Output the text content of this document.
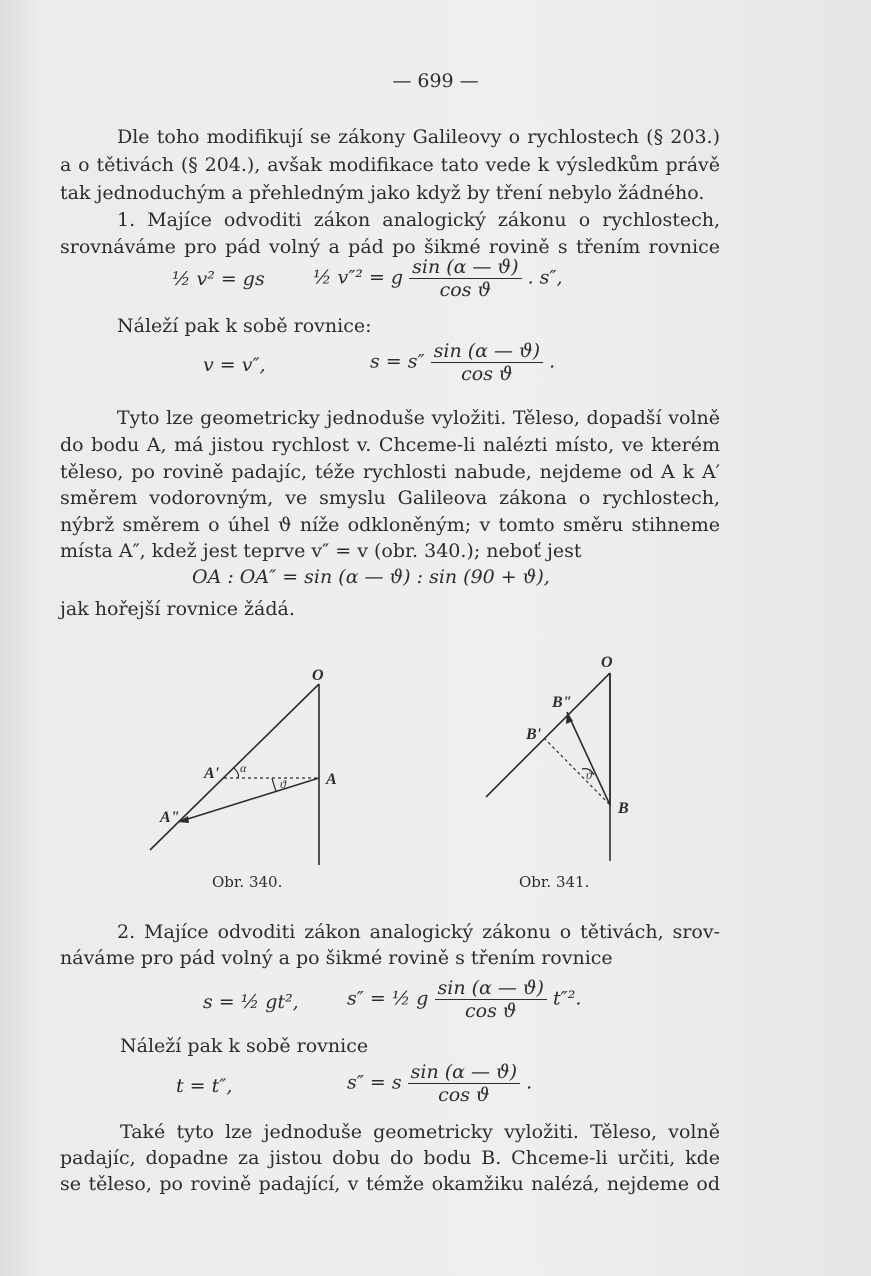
— 699 —
Dle toho modifikují se zákony Galileovy o rychlostech (§ 203.)
a o tětivách (§ 204.), avšak modifikace tato vede k výsledkům právě
tak jednoduchým a přehledným jako když by tření nebylo žádného.
1. Majíce odvoditi zákon analogický zákonu o rychlostech,
srovnáváme pro pád volný a pád po šikmé rovině s třením rovnice
½ v² = gs	½ v″² = g $\frac{\sin (\alpha — ϑ)}{\text{cos ϑ}}$ . s″,
Náleží pak k sobě rovnice:
v = v″,	$s = s'' \frac{\sin (\alpha — ϑ)}{\text{cos ϑ}}$ .
Tyto lze geometricky jednoduše vyložiti. Těleso, dopadší volně
do bodu A, má jistou rychlost v. Chceme-li nalézti místo, ve kterém
těleso, po rovině padajíc, téže rychlosti nabude, nejdeme od A k A′
směrem vodorovným, ve smyslu Galileova zákona o rychlostech,
nýbrž směrem o úhel ϑ níže odkloněným; v tomto směru stihneme
místa A″, kdež jest teprve v″ = v (obr. 340.); neboť jest
OA : OA″ = sin (α — ϑ) : sin (90 + ϑ),
jak hořejší rovnice žádá.
O
A
A'
A"
α
ϑ
Obr. 340.
O
B
B'
B"
ϑ
Obr. 341.
2. Majíce odvoditi zákon analogický zákonu o tětivách, srov-
náváme pro pád volný a po šikmé rovině s třením rovnice
s = ½ gt²,	s″ = ½ g $\frac{\sin (\alpha — ϑ)}{\text{cos ϑ}} t''^2$.
Náleží pak k sobě rovnice
t = t″,	s″ = s $\frac{\sin (\alpha — ϑ)}{\text{cos ϑ}}$ .
Také tyto lze jednoduše geometricky vyložiti. Těleso, volně
padajíc, dopadne za jistou dobu do bodu B. Chceme-li určiti, kde
se těleso, po rovině padající, v témže okamžiku nalézá, nejdeme od
